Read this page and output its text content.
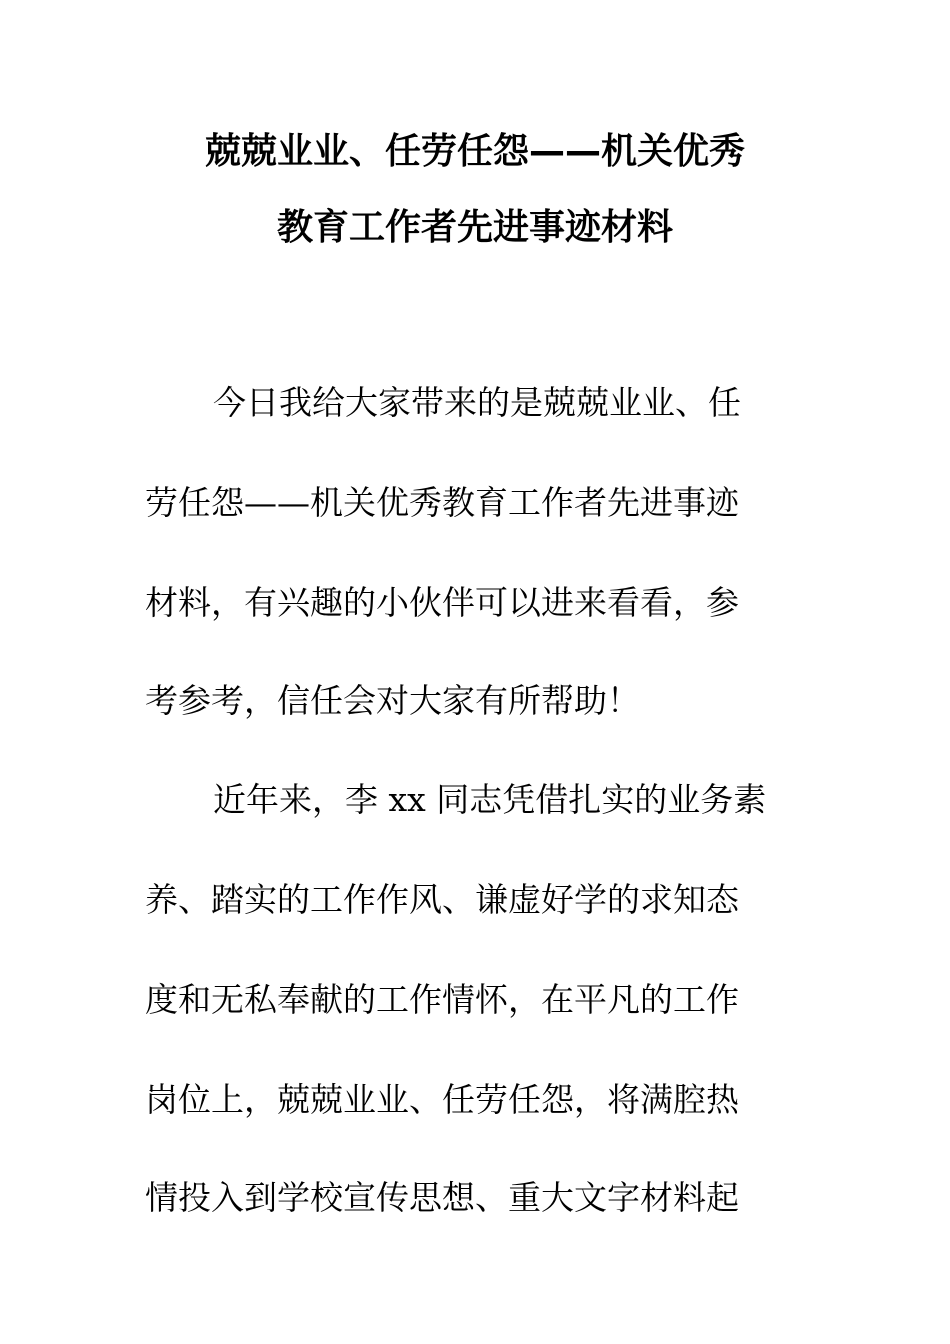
兢兢业业、任劳任怨——机关优秀
教育工作者先进事迹材料
今日我给大家带来的是兢兢业业、任
劳任怨——机关优秀教育工作者先进事迹
材料，有兴趣的小伙伴可以进来看看，参
考参考，信任会对大家有所帮助！
近年来，李 xx 同志凭借扎实的业务素
养、踏实的工作作风、谦虚好学的求知态
度和无私奉献的工作情怀，在平凡的工作
岗位上，兢兢业业、任劳任怨，将满腔热
情投入到学校宣传思想、重大文字材料起
